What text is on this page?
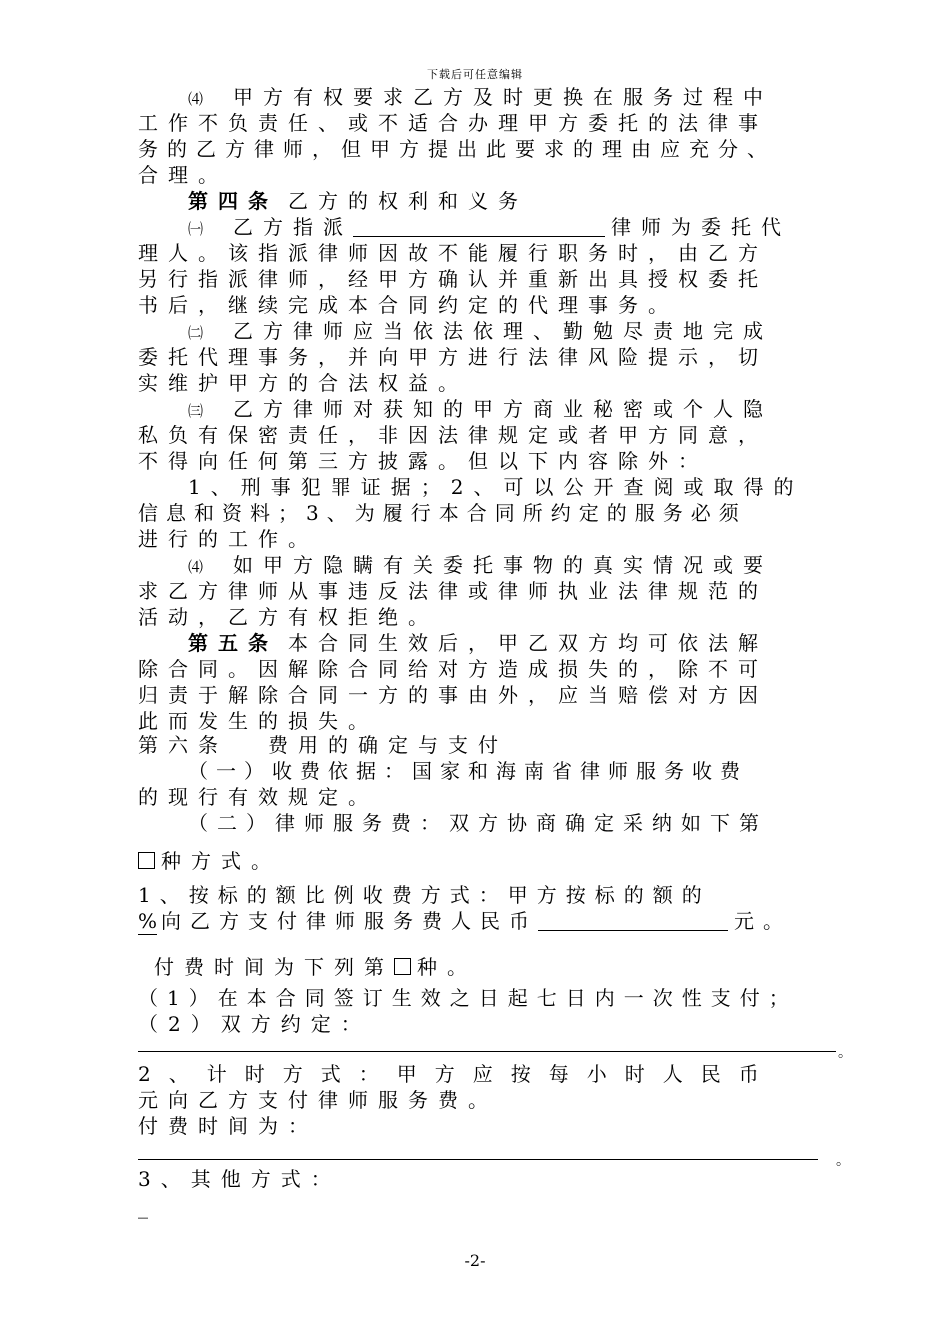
下载后可任意编辑
⑷ 甲方有权要求乙方及时更换在服务过程中
工作不负责任、或不适合办理甲方委托的法律事
务的乙方律师，但甲方提出此要求的理由应充分、
合理。
第四条 乙方的权利和义务
㈠ 乙方指派	律师为委托代
理人。该指派律师因故不能履行职务时，由乙方
另行指派律师，经甲方确认并重新出具授权委托
书后，继续完成本合同约定的代理事务。
㈡ 乙方律师应当依法依理、勤勉尽责地完成
委托代理事务，并向甲方进行法律风险提示，切
实维护甲方的合法权益。
㈢ 乙方律师对获知的甲方商业秘密或个人隐
私负有保密责任，非因法律规定或者甲方同意，
不得向任何第三方披露。但以下内容除外：
1、刑事犯罪证据；2、可以公开查阅或取得的
信息和资料；3、为履行本合同所约定的服务必须
进行的工作。
⑷ 如甲方隐瞒有关委托事物的真实情况或要
求乙方律师从事违反法律或律师执业法律规范的
活动，乙方有权拒绝。
第五条 本合同生效后，甲乙双方均可依法解
除合同。因解除合同给对方造成损失的，除不可
归责于解除合同一方的事由外，应当赔偿对方因
此而发生的损失。
第六条 费用的确定与支付
（一）收费依据：国家和海南省律师服务收费
的现行有效规定。
（二）律师服务费：双方协商确定采纳如下第
种方式。
1、按标的额比例收费方式：甲方按标的额的
% 向乙方支付律师服务费人民币	元。
付费时间为下列第 种。
（1）在本合同签订生效之日起七日内一次性支付；
（2）双方约定：
。
2、计时方式：甲方应按每小时人民币
元向乙方支付律师服务费。
付费时间为：
。
3、其他方式：
_
-2-
